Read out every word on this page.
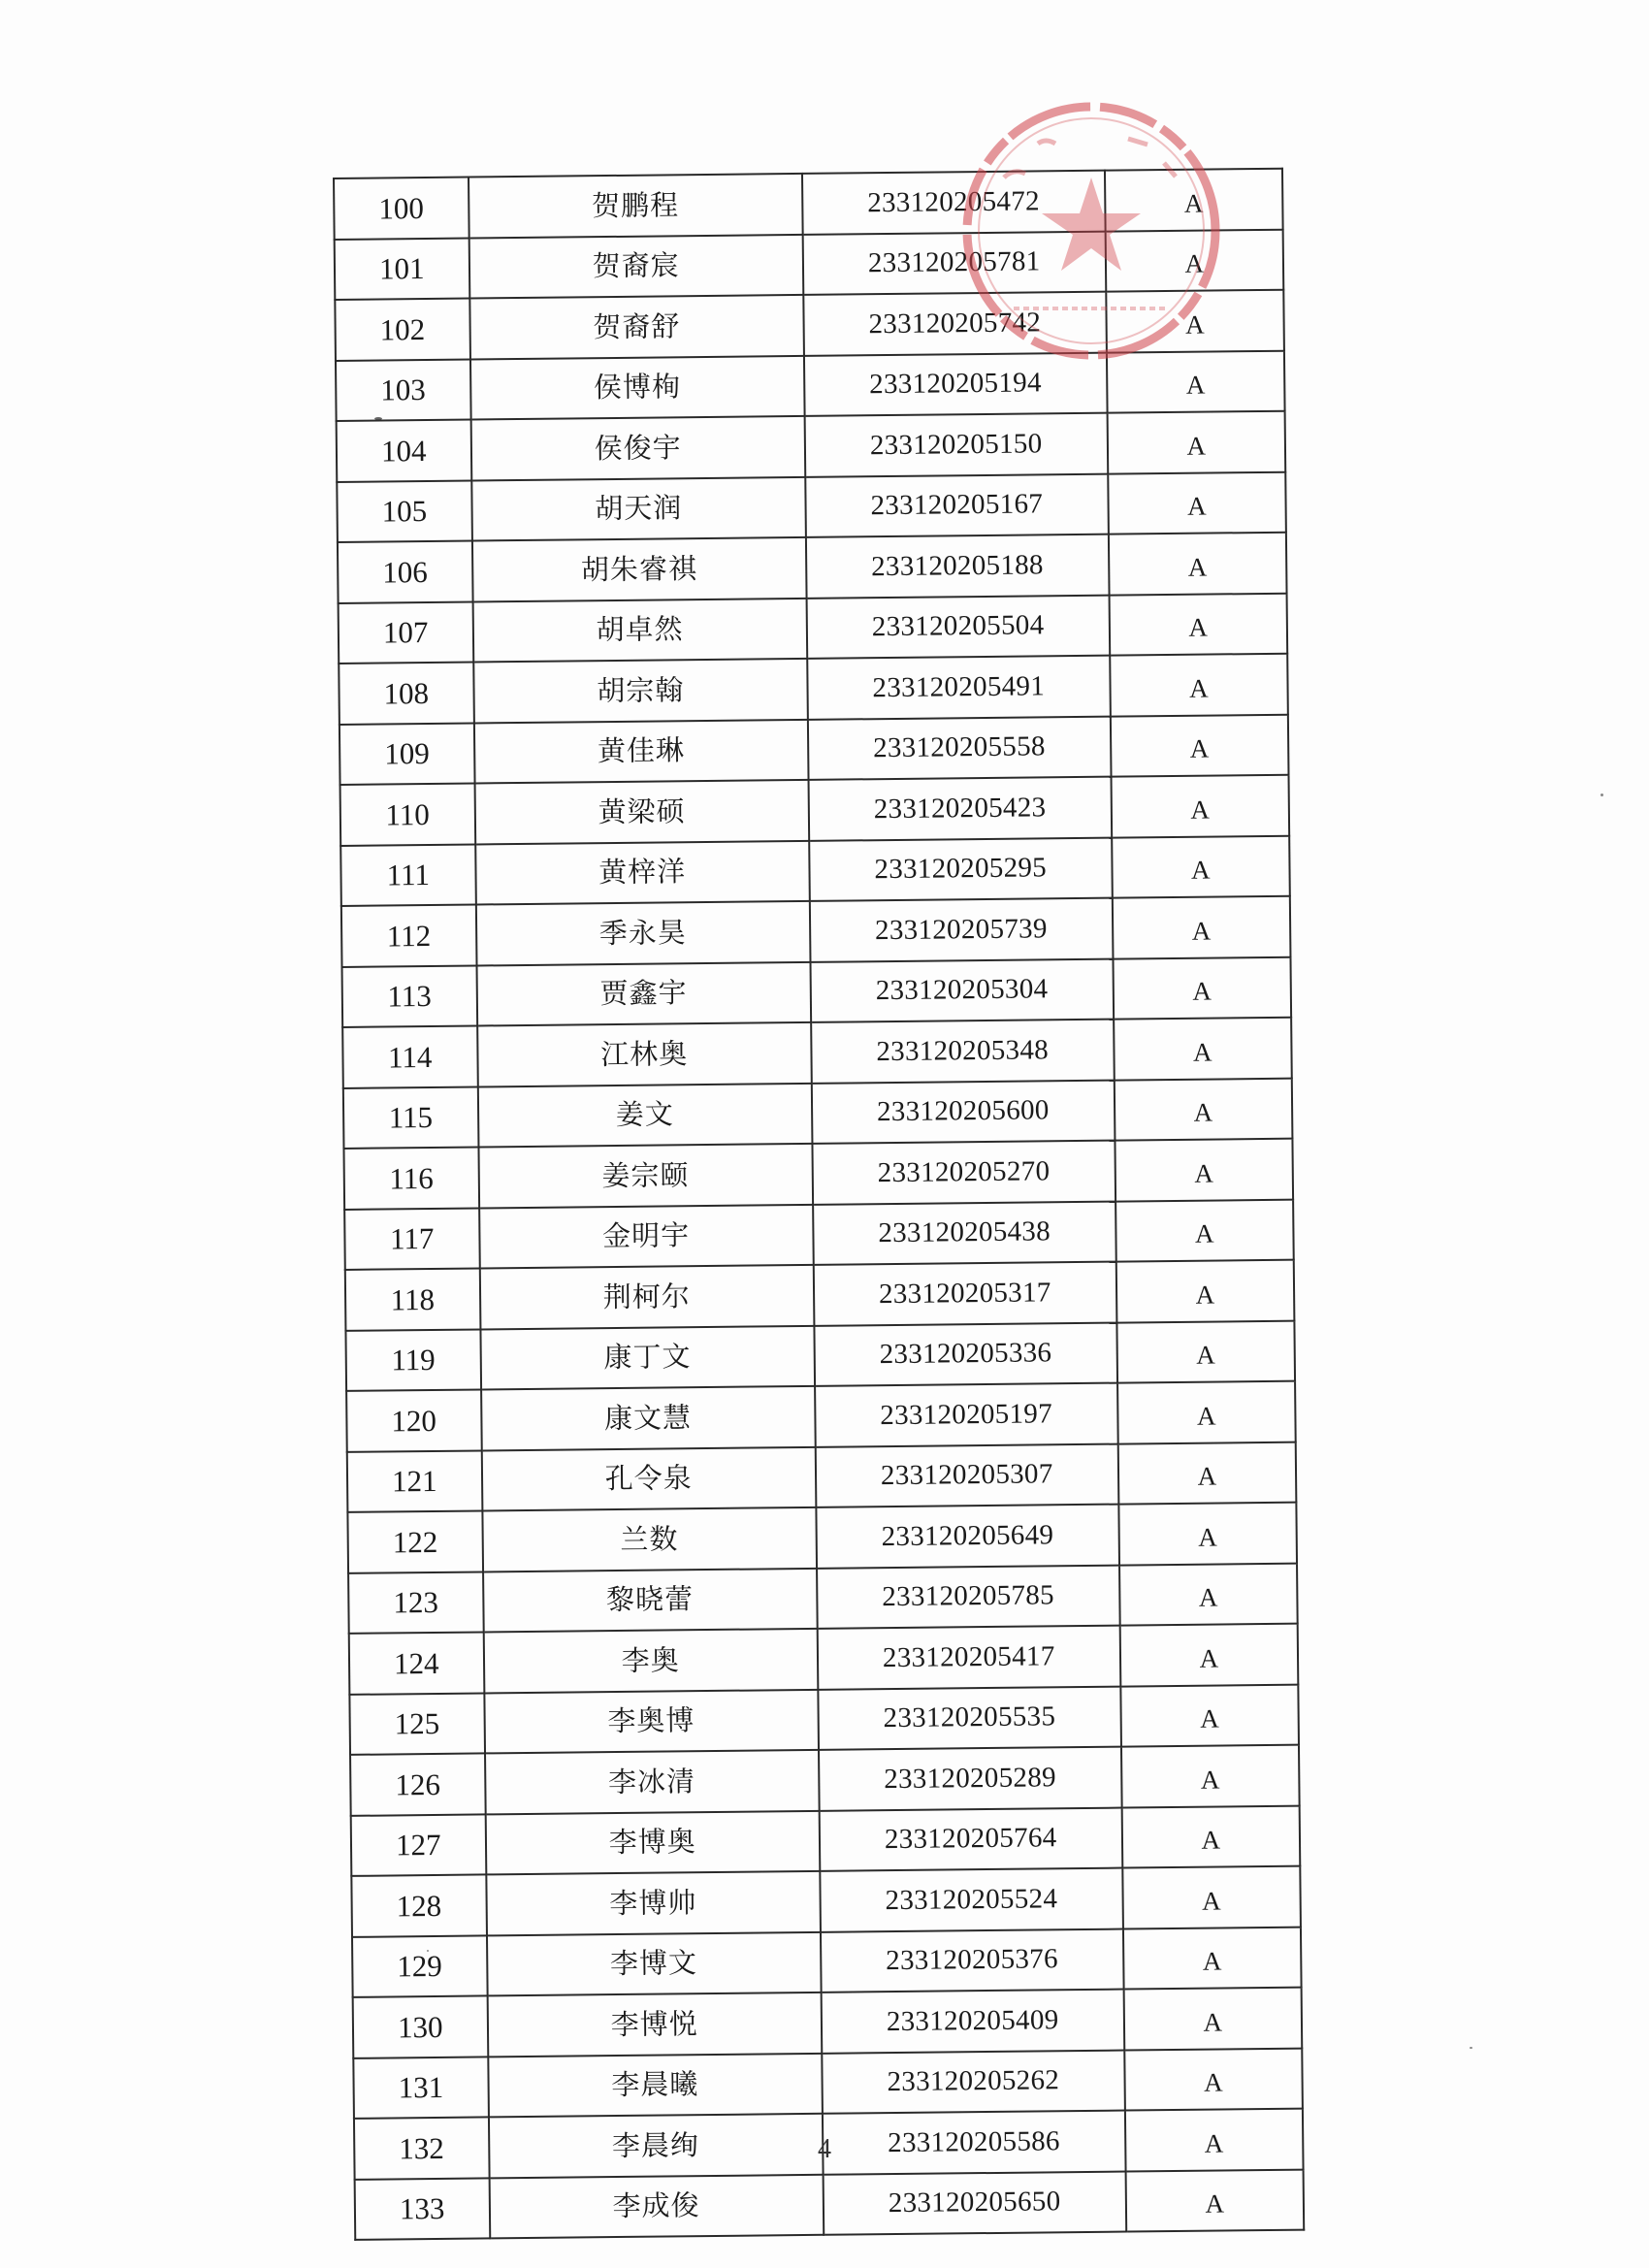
100	贺鹏程	233120205472	A
101	贺裔宸	233120205781	A
102	贺裔舒	233120205742	A
103	侯博栒	233120205194	A
104	侯俊宇	233120205150	A
105	胡天润	233120205167	A
106	胡朱睿祺	233120205188	A
107	胡卓然	233120205504	A
108	胡宗翰	233120205491	A
109	黄佳琳	233120205558	A
110	黄梁硕	233120205423	A
111	黄梓洋	233120205295	A
112	季永昊	233120205739	A
113	贾鑫宇	233120205304	A
114	江林奥	233120205348	A
115	姜文	233120205600	A
116	姜宗颐	233120205270	A
117	金明宇	233120205438	A
118	荆柯尔	233120205317	A
119	康丁文	233120205336	A
120	康文慧	233120205197	A
121	孔令泉	233120205307	A
122	兰数	233120205649	A
123	黎晓蕾	233120205785	A
124	李奥	233120205417	A
125	李奥博	233120205535	A
126	李冰清	233120205289	A
127	李博奥	233120205764	A
128	李博帅	233120205524	A
129	李博文	233120205376	A
130	李博悦	233120205409	A
131	李晨曦	233120205262	A
132	李晨绚	233120205586	A
133	李成俊	233120205650	A
4
